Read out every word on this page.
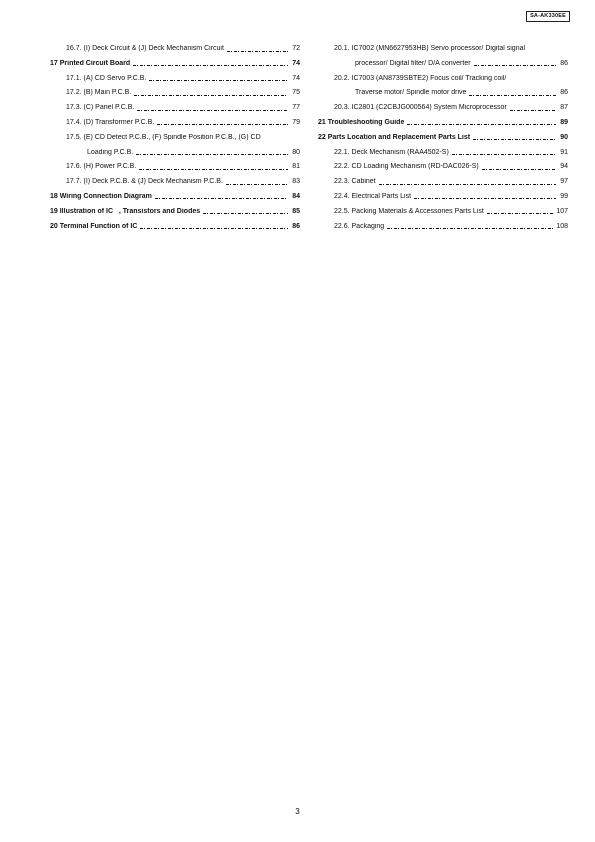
SA-AK330EE
16.7. (I) Deck Circuit & (J) Deck Mechanism Circuit	72
17 Printed Circuit Board	74
17.1. (A) CD Servo P.C.B.	74
17.2. (B) Main P.C.B.	75
17.3. (C) Panel P.C.B.	77
17.4. (D) Transformer P.C.B.	79
17.5. (E) CD Detect P.C.B., (F) Spindle Position P.C.B., (G) CD
Loading P.C.B.	80
17.6. (H) Power P.C.B.	81
17.7. (I) Deck P.C.B. & (J) Deck Mechanism P.C.B.	83
18 Wiring Connection Diagram	84
19 Illustration of IC   , Transistors and Diodes	85
20 Terminal Function of IC	86
20.1. IC7002 (MN6627953HB) Servo processor/ Digital signal
processor/ Digital filter/ D/A converter	86
20.2. IC7003 (AN8739SBTE2) Focus coil/ Tracking coil/
Traverse motor/ Spindle motor drive	86
20.3. IC2801 (C2CBJG000564) System Microprocessor	87
21 Troubleshooting Guide	89
22 Parts Location and Replacement Parts List	90
22.1. Deck Mechanism (RAA4502-S)	91
22.2. CD Loading Mechanism (RD-DAC026-S)	94
22.3. Cabinet	97
22.4. Electrical Parts List	99
22.5. Packing Materials & Accessories Parts List	107
22.6. Packaging	108
3
